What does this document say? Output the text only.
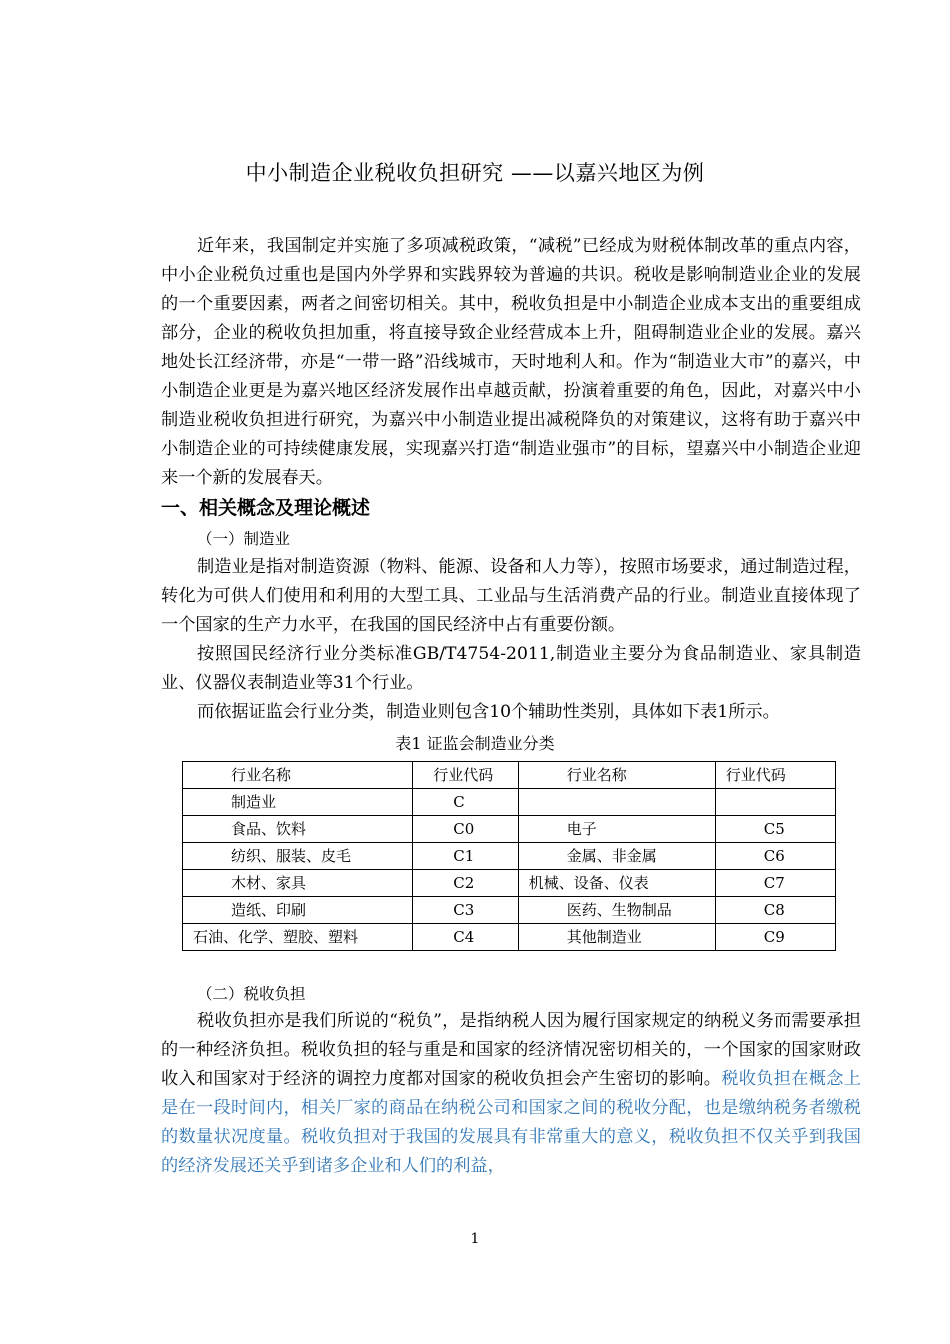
中小制造企业税收负担研究 ——以嘉兴地区为例

近年来，我国制定并实施了多项减税政策，“减税”已经成为财税体制改革的重点内容，中小企业税负过重也是国内外学界和实践界较为普遍的共识。税收是影响制造业企业的发展的一个重要因素，两者之间密切相关。其中，税收负担是中小制造企业成本支出的重要组成部分，企业的税收负担加重，将直接导致企业经营成本上升，阻碍制造业企业的发展。嘉兴地处长江经济带，亦是“一带一路”沿线城市，天时地利人和。作为“制造业大市”的嘉兴，中小制造企业更是为嘉兴地区经济发展作出卓越贡献，扮演着重要的角色，因此，对嘉兴中小制造业税收负担进行研究，为嘉兴中小制造业提出减税降负的对策建议，这将有助于嘉兴中小制造企业的可持续健康发展，实现嘉兴打造“制造业强市”的目标，望嘉兴中小制造企业迎来一个新的发展春天。

一、相关概念及理论概述
（一）制造业

制造业是指对制造资源（物料、能源、设备和人力等），按照市场要求，通过制造过程，转化为可供人们使用和利用的大型工具、工业品与生活消费产品的行业。制造业直接体现了一个国家的生产力水平，在我国的国民经济中占有重要份额。

按照国民经济行业分类标准GB/T4754-2011,制造业主要分为食品制造业、家具制造业、仪器仪表制造业等31个行业。

而依据证监会行业分类，制造业则包含10个辅助性类别，具体如下表1所示。

表1 证监会制造业分类
行业名称	行业代码	行业名称	行业代码
制造业	C		
食品、饮料	C0	电子	C5
纺织、服装、皮毛	C1	金属、非金属	C6
木材、家具	C2	机械、设备、仪表	C7
造纸、印刷	C3	医药、生物制品	C8
石油、化学、塑胶、塑料	C4	其他制造业	C9
（二）税收负担

税收负担亦是我们所说的“税负”，是指纳税人因为履行国家规定的纳税义务而需要承担的一种经济负担。税收负担的轻与重是和国家的经济情况密切相关的，一个国家的国家财政收入和国家对于经济的调控力度都对国家的税收负担会产生密切的影响。税收负担在概念上是在一段时间内，相关厂家的商品在纳税公司和国家之间的税收分配，也是缴纳税务者缴税的数量状况度量。税收负担对于我国的发展具有非常重大的意义，税收负担不仅关乎到我国的经济发展还关乎到诸多企业和人们的利益，

1
